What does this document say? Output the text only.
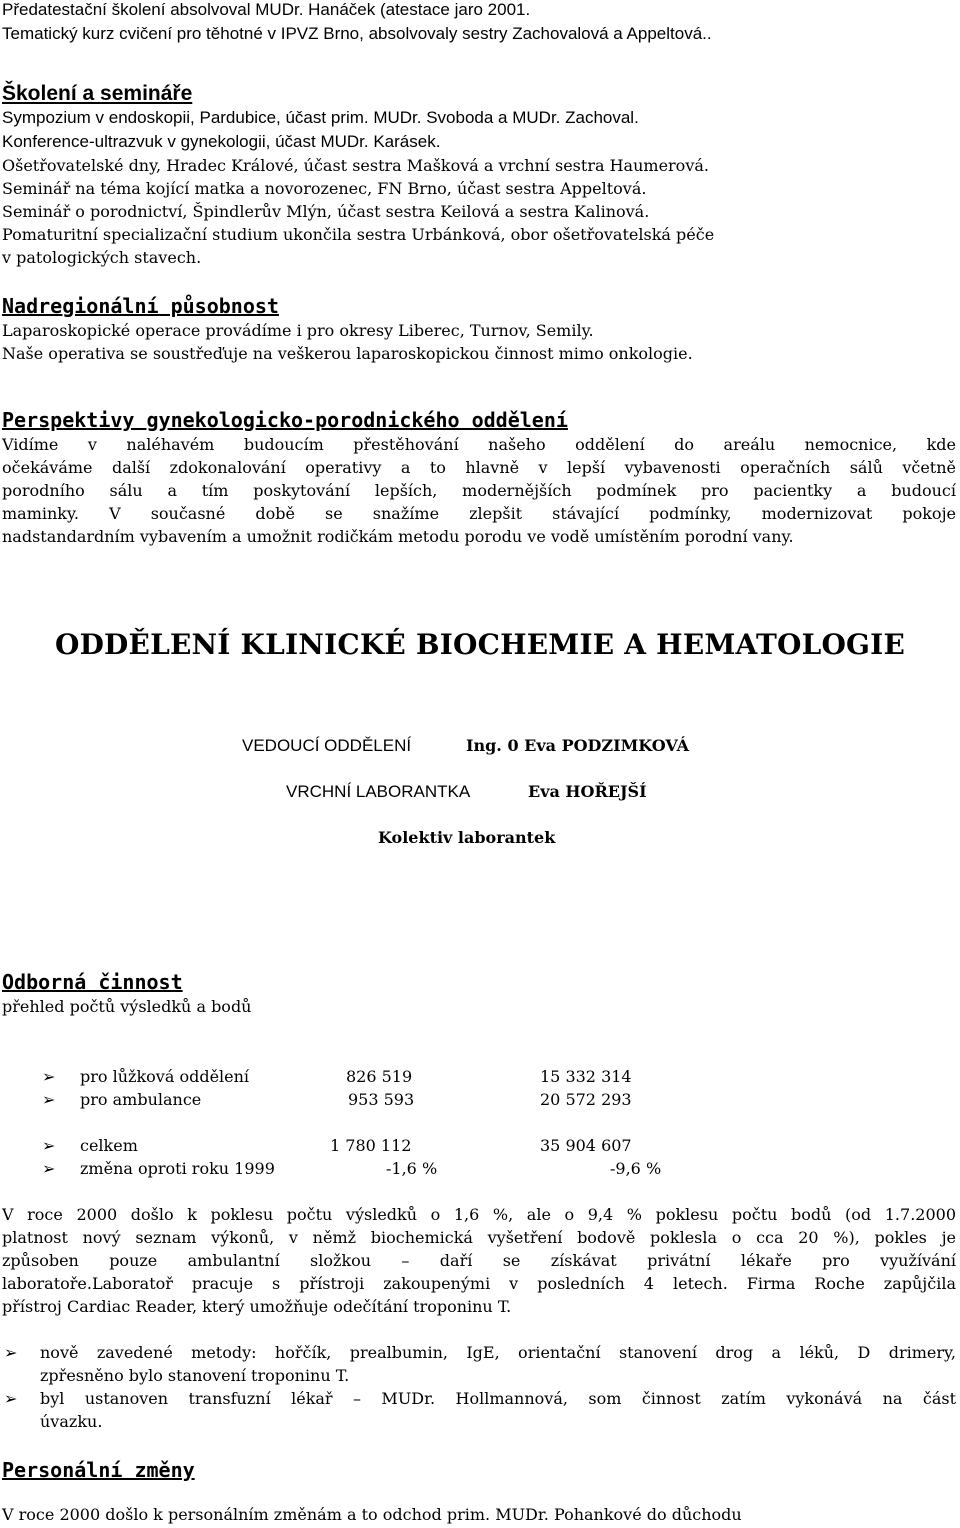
Předatestační školení absolvoval MUDr. Hanáček (atestace jaro 2001.
Tematický kurz cvičení pro těhotné v IPVZ Brno, absolvovaly sestry Zachovalová a Appeltová..
Školení a semináře
Sympozium v endoskopii, Pardubice, účast prim. MUDr. Svoboda a MUDr. Zachoval.
Konference-ultrazvuk v gynekologii, účast MUDr. Karásek.
Ošetřovatelské dny, Hradec Králové, účast sestra Mašková a vrchní sestra Haumerová.
Seminář na téma kojící matka a novorozenec, FN Brno, účast sestra Appeltová.
Seminář o porodnictví, Špindlerův Mlýn, účast sestra Keilová a sestra Kalinová.
Pomaturitní specializační studium ukončila sestra Urbánková, obor ošetřovatelská péče
v patologických stavech.
Nadregionální působnost
Laparoskopické operace provádíme i pro okresy Liberec, Turnov, Semily.
Naše operativa se soustřeďuje na veškerou laparoskopickou činnost mimo onkologie.
Perspektivy gynekologicko-porodnického oddělení
Vidíme v naléhavém budoucím přestěhování našeho oddělení do areálu nemocnice, kde
očekáváme další zdokonalování operativy a to hlavně v lepší vybavenosti operačních sálů včetně
porodního sálu a tím poskytování lepších, modernějších podmínek pro pacientky a budoucí
maminky. V současné době se snažíme zlepšit stávající podmínky, modernizovat pokoje
nadstandardním vybavením a umožnit rodičkám metodu porodu ve vodě umístěním porodní vany.
ODDĚLENÍ KLINICKÉ BIOCHEMIE A HEMATOLOGIE
VEDOUCÍ ODDĚLENÍ	Ing. 0 Eva PODZIMKOVÁ
VRCHNÍ LABORANTKA	Eva HOŘEJŠÍ
Kolektiv laborantek
Odborná činnost
přehled počtů výsledků a bodů
➢ pro lůžková oddělení	826 519	15 332 314
➢ pro ambulance	953 593	20 572 293
➢ celkem	1 780 112	35 904 607
➢ změna oproti roku 1999	-1,6 %	-9,6 %
V roce 2000 došlo k poklesu počtu výsledků o 1,6 %, ale o 9,4 % poklesu počtu bodů (od 1.7.2000
platnost nový seznam výkonů, v němž biochemická vyšetření bodově poklesla o cca 20 %), pokles je
způsoben pouze ambulantní složkou – daří se získávat privátní lékaře pro využívání
laboratoře.Laboratoř pracuje s přístroji zakoupenými v posledních 4 letech. Firma Roche zapůjčila
přístroj Cardiac Reader, který umožňuje odečítání troponinu T.
➢ nově zavedené metody: hořčík, prealbumin, IgE, orientační stanovení drog a léků, D drimery,
zpřesněno bylo stanovení troponinu T.
➢ byl ustanoven transfuzní lékař – MUDr. Hollmannová, som činnost zatím vykonává na část
úvazku.
Personální změny
V roce 2000 došlo k personálním změnám a to odchod prim. MUDr. Pohankové do důchodu
